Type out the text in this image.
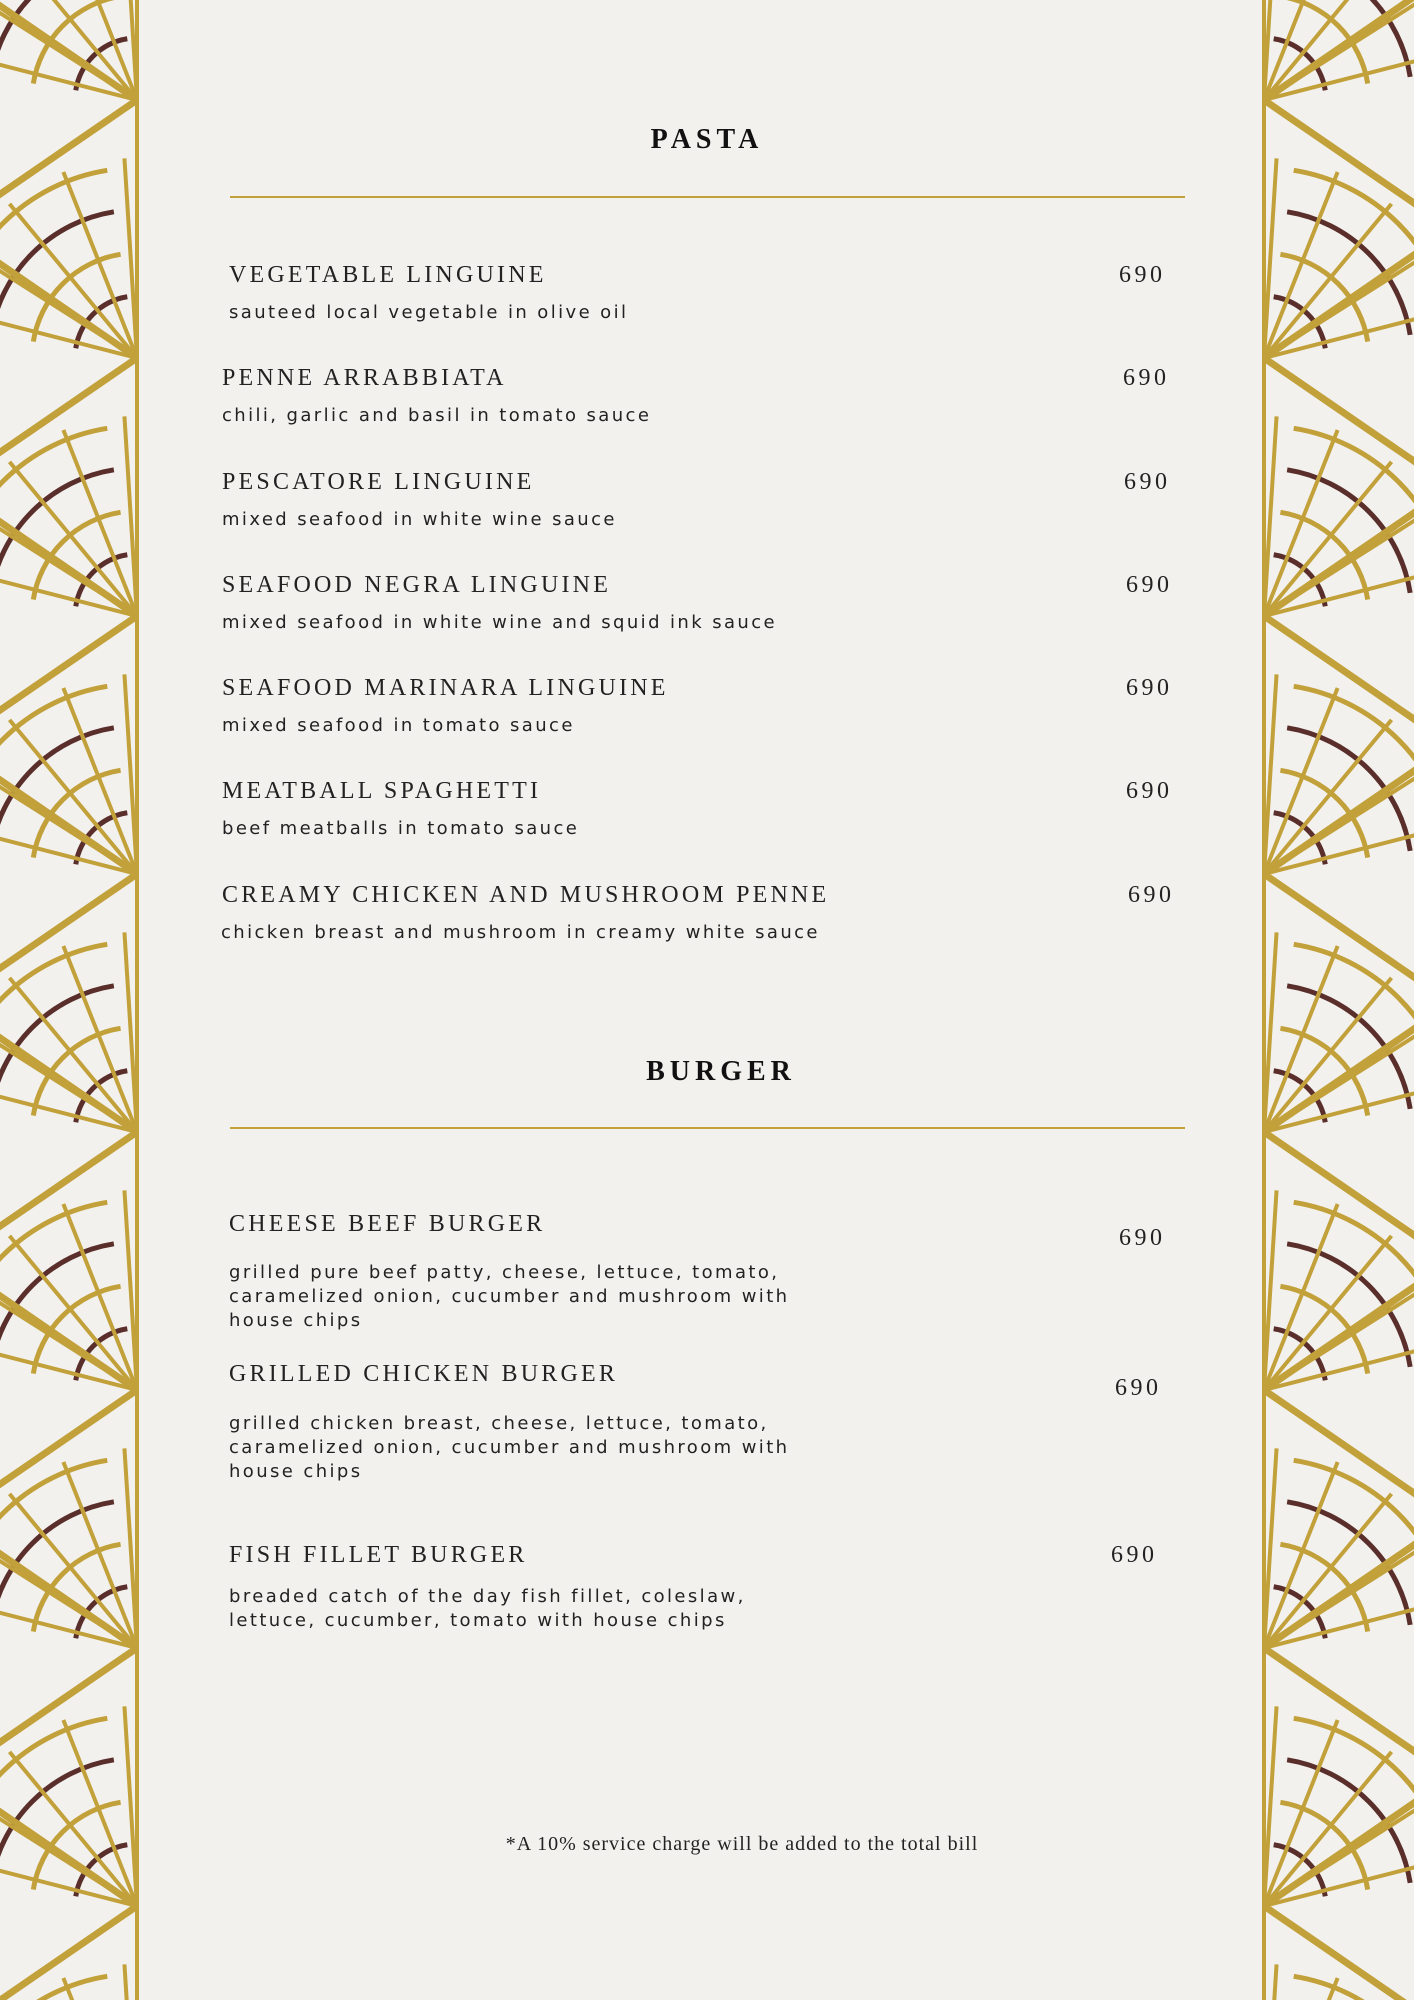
PASTA
VEGETABLE LINGUINE
sauteed local vegetable in olive oil
690
PENNE ARRABBIATA
chili, garlic and basil in tomato sauce
690
PESCATORE LINGUINE
mixed seafood in white wine sauce
690
SEAFOOD NEGRA LINGUINE
mixed seafood in white wine and squid ink sauce
690
SEAFOOD MARINARA LINGUINE
mixed seafood in tomato sauce
690
MEATBALL SPAGHETTI
beef meatballs in tomato sauce
690
CREAMY CHICKEN AND MUSHROOM PENNE
chicken breast and mushroom in creamy white sauce
690
BURGER
CHEESE BEEF BURGER
grilled pure beef patty, cheese, lettuce, tomato,
caramelized onion, cucumber and mushroom with
house chips
690
GRILLED CHICKEN BURGER
grilled chicken breast, cheese, lettuce, tomato,
caramelized onion, cucumber and mushroom with
house chips
690
FISH FILLET BURGER
breaded catch of the day fish fillet, coleslaw,
lettuce, cucumber, tomato with house chips
690
*A 10% service charge will be added to the total bill
